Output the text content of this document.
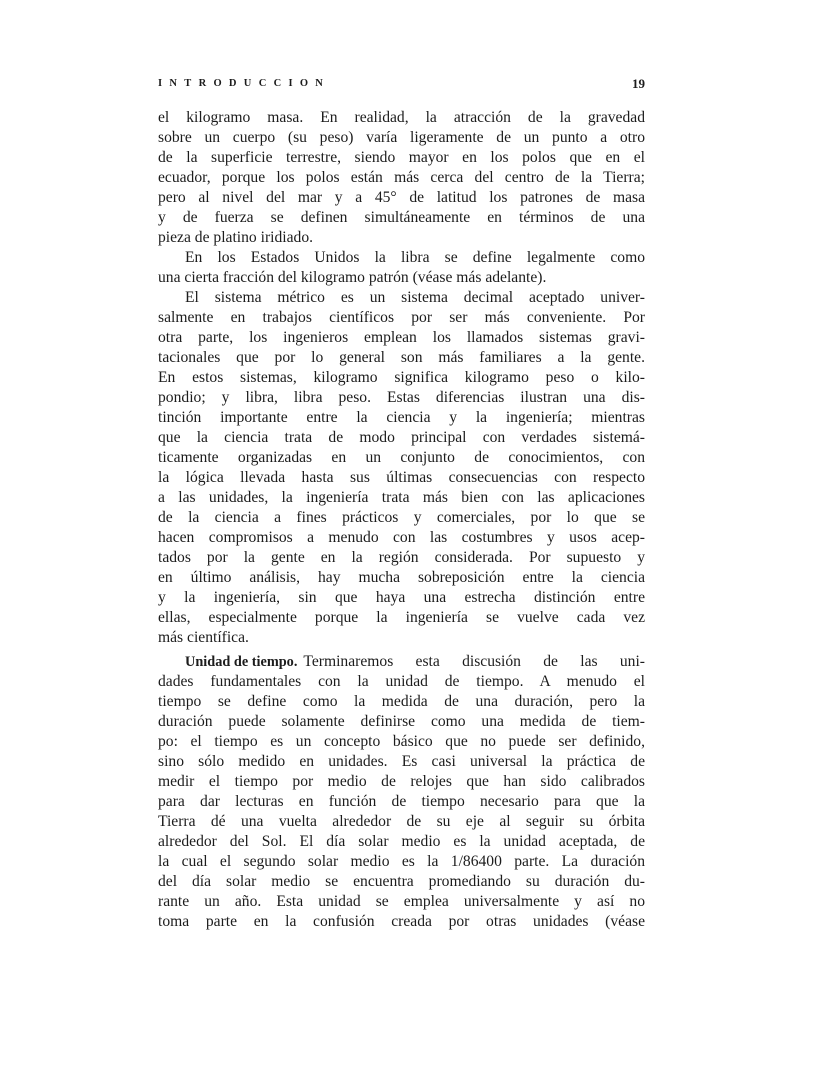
INTRODUCCION	19
el kilogramo masa. En realidad, la atracción de la gravedad
sobre un cuerpo (su peso) varía ligeramente de un punto a otro
de la superficie terrestre, siendo mayor en los polos que en el
ecuador, porque los polos están más cerca del centro de la Tierra;
pero al nivel del mar y a 45° de latitud los patrones de masa
y de fuerza se definen simultáneamente en términos de una
pieza de platino iridiado.
En los Estados Unidos la libra se define legalmente como
una cierta fracción del kilogramo patrón (véase más adelante).
El sistema métrico es un sistema decimal aceptado univer-
salmente en trabajos científicos por ser más conveniente. Por
otra parte, los ingenieros emplean los llamados sistemas gravi-
tacionales que por lo general son más familiares a la gente.
En estos sistemas, kilogramo significa kilogramo peso o kilo-
pondio; y libra, libra peso. Estas diferencias ilustran una dis-
tinción importante entre la ciencia y la ingeniería; mientras
que la ciencia trata de modo principal con verdades sistemá-
ticamente organizadas en un conjunto de conocimientos, con
la lógica llevada hasta sus últimas consecuencias con respecto
a las unidades, la ingeniería trata más bien con las aplicaciones
de la ciencia a fines prácticos y comerciales, por lo que se
hacen compromisos a menudo con las costumbres y usos acep-
tados por la gente en la región considerada. Por supuesto y
en último análisis, hay mucha sobreposición entre la ciencia
y la ingeniería, sin que haya una estrecha distinción entre
ellas, especialmente porque la ingeniería se vuelve cada vez
más científica.
Unidad de tiempo. Terminaremos esta discusión de las uni-
dades fundamentales con la unidad de tiempo. A menudo el
tiempo se define como la medida de una duración, pero la
duración puede solamente definirse como una medida de tiem-
po: el tiempo es un concepto básico que no puede ser definido,
sino sólo medido en unidades. Es casi universal la práctica de
medir el tiempo por medio de relojes que han sido calibrados
para dar lecturas en función de tiempo necesario para que la
Tierra dé una vuelta alrededor de su eje al seguir su órbita
alrededor del Sol. El día solar medio es la unidad aceptada, de
la cual el segundo solar medio es la 1/86400 parte. La duración
del día solar medio se encuentra promediando su duración du-
rante un año. Esta unidad se emplea universalmente y así no
toma parte en la confusión creada por otras unidades (véase
